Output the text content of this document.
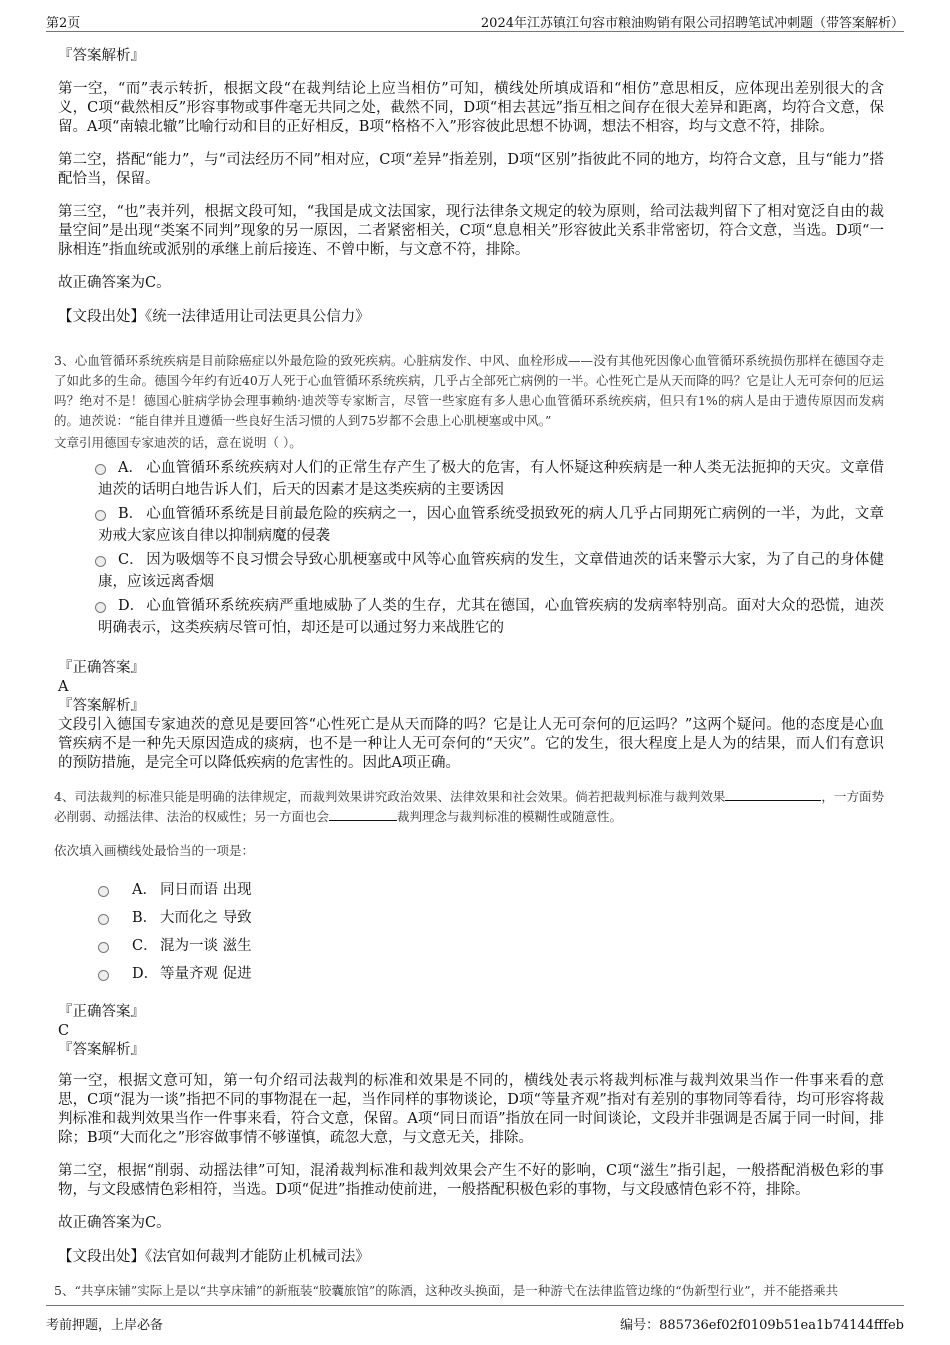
第2页	2024年江苏镇江句容市粮油购销有限公司招聘笔试冲刺题（带答案解析）
『答案解析』

第一空，“而”表示转折，根据文段“在裁判结论上应当相仿”可知，横线处所填成语和“相仿”意思相反，应体现出差别很大的含义，C项“截然相反”形容事物或事件毫无共同之处，截然不同，D项“相去甚远”指互相之间存在很大差异和距离，均符合文意，保留。A项“南辕北辙”比喻行动和目的正好相反，B项“格格不入”形容彼此思想不协调，想法不相容，均与文意不符，排除。

第二空，搭配“能力”，与“司法经历不同”相对应，C项“差异”指差别，D项“区别”指彼此不同的地方，均符合文意，且与“能力”搭配恰当，保留。

第三空，“也”表并列，根据文段可知，“我国是成文法国家，现行法律条文规定的较为原则，给司法裁判留下了相对宽泛自由的裁量空间”是出现“类案不同判”现象的另一原因，二者紧密相关，C项“息息相关”形容彼此关系非常密切，符合文意，当选。D项“一脉相连”指血统或派别的承继上前后接连、不曾中断，与文意不符，排除。

故正确答案为C。

【文段出处】《统一法律适用让司法更具公信力》

3、心血管循环系统疾病是目前除癌症以外最危险的致死疾病。心脏病发作、中风、血栓形成——没有其他死因像心血管循环系统损伤那样在德国夺走了如此多的生命。德国今年约有近40万人死于心血管循环系统疾病，几乎占全部死亡病例的一半。心性死亡是从天而降的吗？它是让人无可奈何的厄运吗？绝对不是！德国心脏病学协会理事赖纳·迪茨等专家断言，尽管一些家庭有多人患心血管循环系统疾病，但只有1%的病人是由于遗传原因而发病的。迪茨说：“能自律并且遵循一些良好生活习惯的人到75岁都不会患上心肌梗塞或中风。”

文章引用德国专家迪茨的话，意在说明（ ）。

A． 心血管循环系统疾病对人们的正常生存产生了极大的危害，有人怀疑这种疾病是一种人类无法扼抑的天灾。文章借迪茨的话明白地告诉人们，后天的因素才是这类疾病的主要诱因
B． 心血管循环系统是目前最危险的疾病之一，因心血管系统受损致死的病人几乎占同期死亡病例的一半，为此，文章劝戒大家应该自律以抑制病魔的侵袭
C． 因为吸烟等不良习惯会导致心肌梗塞或中风等心血管疾病的发生，文章借迪茨的话来警示大家，为了自己的身体健康，应该远离香烟
D． 心血管循环系统疾病严重地威胁了人类的生存，尤其在德国，心血管疾病的发病率特别高。面对大众的恐慌，迪茨明确表示，这类疾病尽管可怕，却还是可以通过努力来战胜它的

『正确答案』

A

『答案解析』

文段引入德国专家迪茨的意见是要回答“心性死亡是从天而降的吗？它是让人无可奈何的厄运吗？”这两个疑问。他的态度是心血管疾病不是一种先天原因造成的痰病，也不是一种让人无可奈何的“天灾”。它的发生，很大程度上是人为的结果，而人们有意识的预防措施，是完全可以降低疾病的危害性的。因此A项正确。

4、司法裁判的标准只能是明确的法律规定，而裁判效果讲究政治效果、法律效果和社会效果。倘若把裁判标准与裁判效果	，一方面势必削弱、动摇法律、法治的权威性；另一方面也会	裁判理念与裁判标准的模糊性或随意性。

依次填入画横线处最恰当的一项是：

A． 同日而语 出现
B． 大而化之 导致
C． 混为一谈 滋生
D． 等量齐观 促进

『正确答案』

C

『答案解析』

第一空，根据文意可知，第一句介绍司法裁判的标准和效果是不同的，横线处表示将裁判标准与裁判效果当作一件事来看的意思，C项“混为一谈”指把不同的事物混在一起，当作同样的事物谈论，D项“等量齐观”指对有差别的事物同等看待，均可形容将裁判标准和裁判效果当作一件事来看，符合文意，保留。A项“同日而语”指放在同一时间谈论，文段并非强调是否属于同一时间，排除；B项“大而化之”形容做事情不够谨慎，疏忽大意，与文意无关，排除。

第二空，根据“削弱、动摇法律”可知，混淆裁判标准和裁判效果会产生不好的影响，C项“滋生”指引起，一般搭配消极色彩的事物，与文段感情色彩相符，当选。D项“促进”指推动使前进，一般搭配积极色彩的事物，与文段感情色彩不符，排除。

故正确答案为C。

【文段出处】《法官如何裁判才能防止机械司法》

5、“共享床铺”实际上是以“共享床铺”的新瓶装“胶囊旅馆”的陈酒，这种改头换面，是一种游弋在法律监管边缘的“伪新型行业”，并不能搭乘共

考前押题，上岸必备	编号：885736ef02f0109b51ea1b74144fffeb
